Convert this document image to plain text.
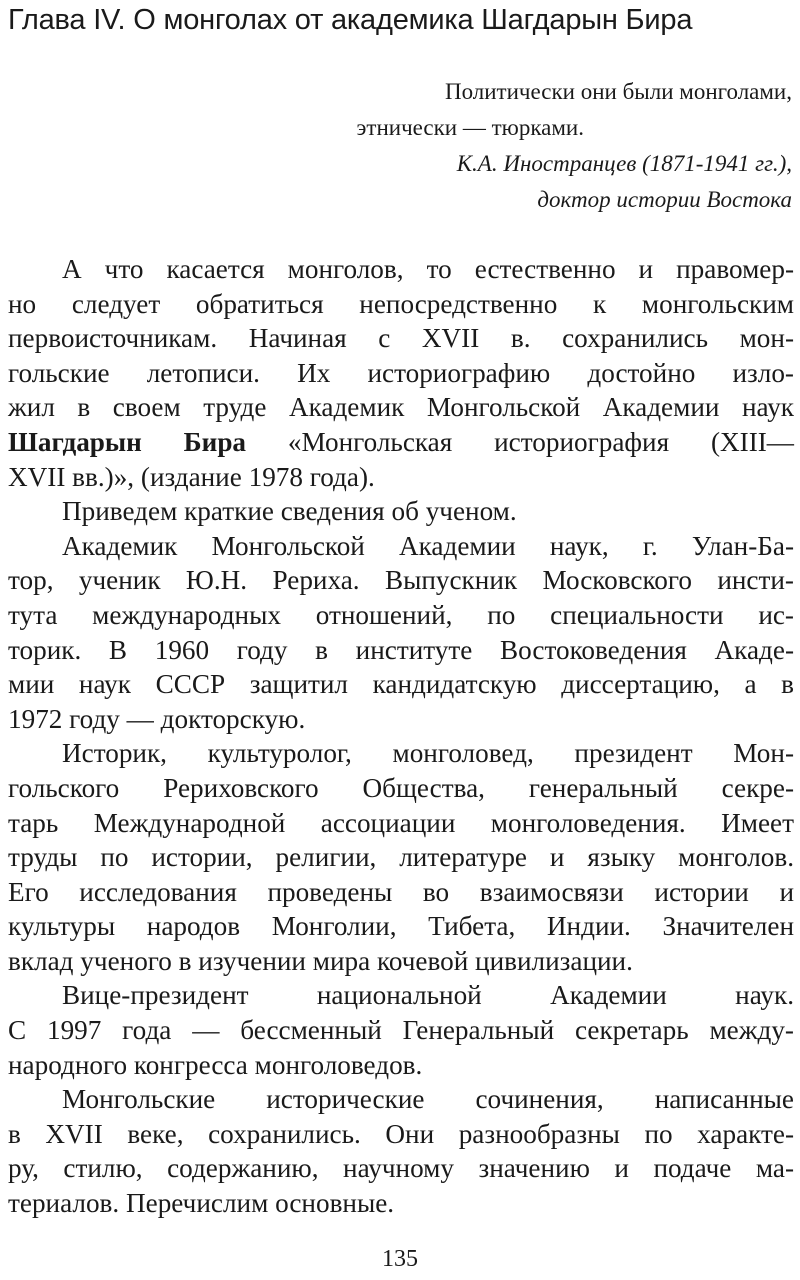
Глава IV. О монголах от академика Шагдарын Бира
Политически они были монголами,
этнически — тюрками.
К.А. Иностранцев (1871-1941 гг.),
доктор истории Востока

А что касается монголов, то естественно и правомер-
но следует обратиться непосредственно к монгольским
первоисточникам. Начиная с XVII в. сохранились мон-
гольские летописи. Их историографию достойно изло-
жил в своем труде Академик Монгольской Академии наук
Шагдарын Бира «Монгольская историография (XIII—
XVII вв.)», (издание 1978 года).

Приведем краткие сведения об ученом.

Академик Монгольской Академии наук, г. Улан-Ба-
тор, ученик Ю.Н. Рериха. Выпускник Московского инсти-
тута международных отношений, по специальности ис-
торик. В 1960 году в институте Востоковедения Акаде-
мии наук СССР защитил кандидатскую диссертацию, а в
1972 году — докторскую.

Историк, культуролог, монголовед, президент Мон-
гольского Рериховского Общества, генеральный секре-
тарь Международной ассоциации монголоведения. Имеет
труды по истории, религии, литературе и языку монголов.
Его исследования проведены во взаимосвязи истории и
культуры народов Монголии, Тибета, Индии. Значителен
вклад ученого в изучении мира кочевой цивилизации.

Вице-президент национальной Академии наук.
С 1997 года — бессменный Генеральный секретарь между-
народного конгресса монголоведов.

Монгольские исторические сочинения, написанные
в XVII веке, сохранились. Они разнообразны по характе-
ру, стилю, содержанию, научному значению и подаче ма-
териалов. Перечислим основные.

135
